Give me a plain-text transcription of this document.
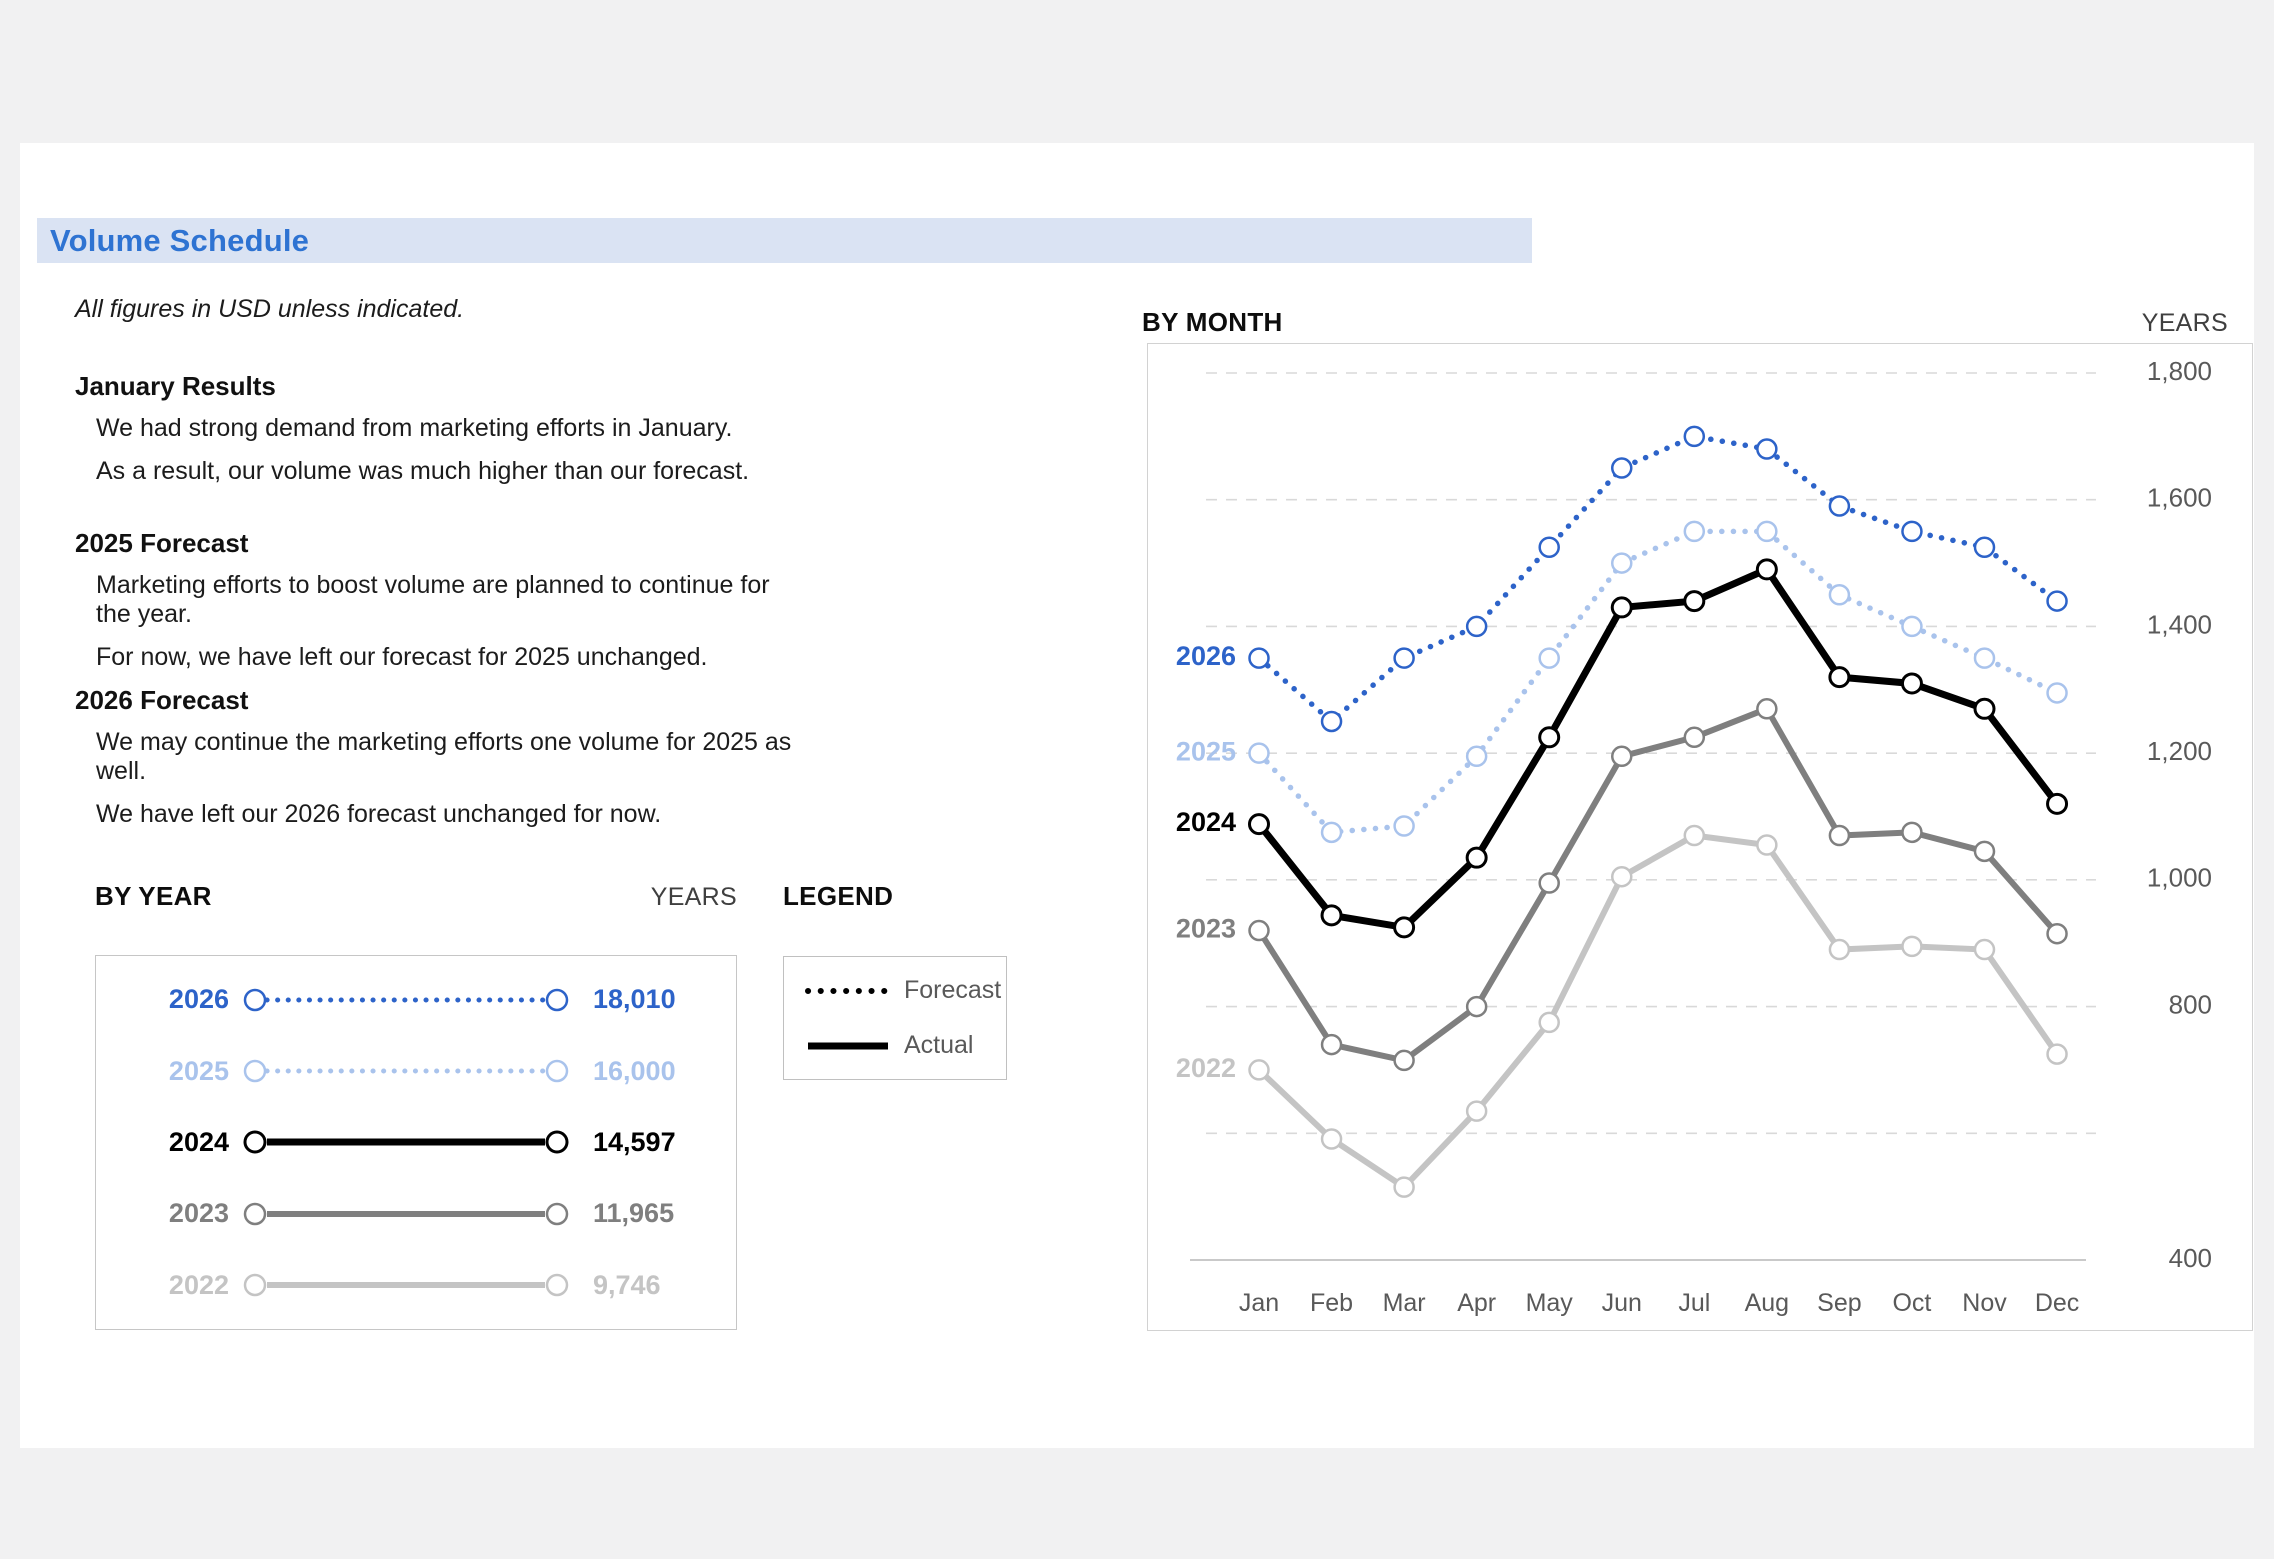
Volume Schedule
All figures in USD unless indicated.

January Results

We had strong demand from marketing efforts in January.

As a result, our volume was much higher than our forecast.

2025 Forecast

Marketing efforts to boost volume are planned to continue for the year.

For now, we have left our forecast for 2025 unchanged.

2026 Forecast

We may continue the marketing efforts one volume for 2025 as well.

We have left our 2026 forecast unchanged for now.

BY YEAR	YEARS
2026	18,010
2025	16,000
2024	14,597
2023	11,965
2022	9,746
LEGEND
Forecast
Actual
BY MONTH	YEARS
1,800
1,600
1,400
1,200
1,000
800
400
Jan Feb Mar Apr May Jun Jul Aug Sep Oct Nov Dec
2026
2025
2024
2023
2022
